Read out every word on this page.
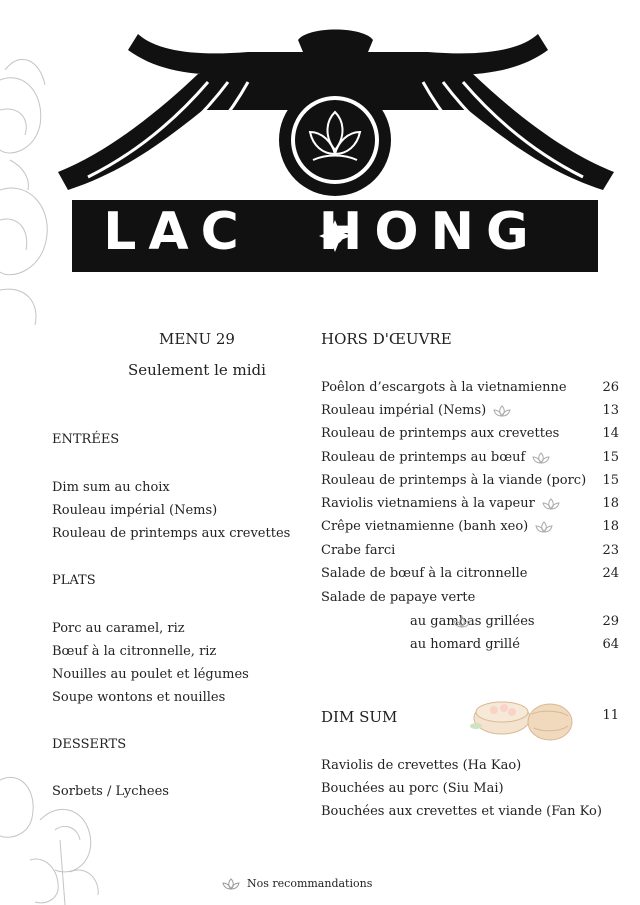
LAC HONG
MENU 29
Seulement le midi
ENTRÉES
Dim sum au choix
Rouleau impérial (Nems)
Rouleau de printemps aux crevettes
PLATS
Porc au caramel, riz
Bœuf à la citronnelle, riz
Nouilles au poulet et légumes
Soupe wontons et nouilles
DESSERTS
Sorbets / Lychees
HORS D'ŒUVRE
Poêlon d’escargots à la vietnamienne	26
Rouleau impérial (Nems)	13
Rouleau de printemps aux crevettes	14
Rouleau de printemps au bœuf	15
Rouleau de printemps à la viande (porc) 15
Raviolis vietnamiens à la vapeur	18
Crêpe vietnamienne (banh xeo)	18
Crabe farci	23
Salade de bœuf à la citronnelle	24
Salade de papaye verte
au gambas grillées	29
au homard grillé	64
DIM SUM	11
Raviolis de crevettes (Ha Kao)
Bouchées au porc (Siu Mai)
Bouchées aux crevettes et viande (Fan Ko)
Nos recommandations
